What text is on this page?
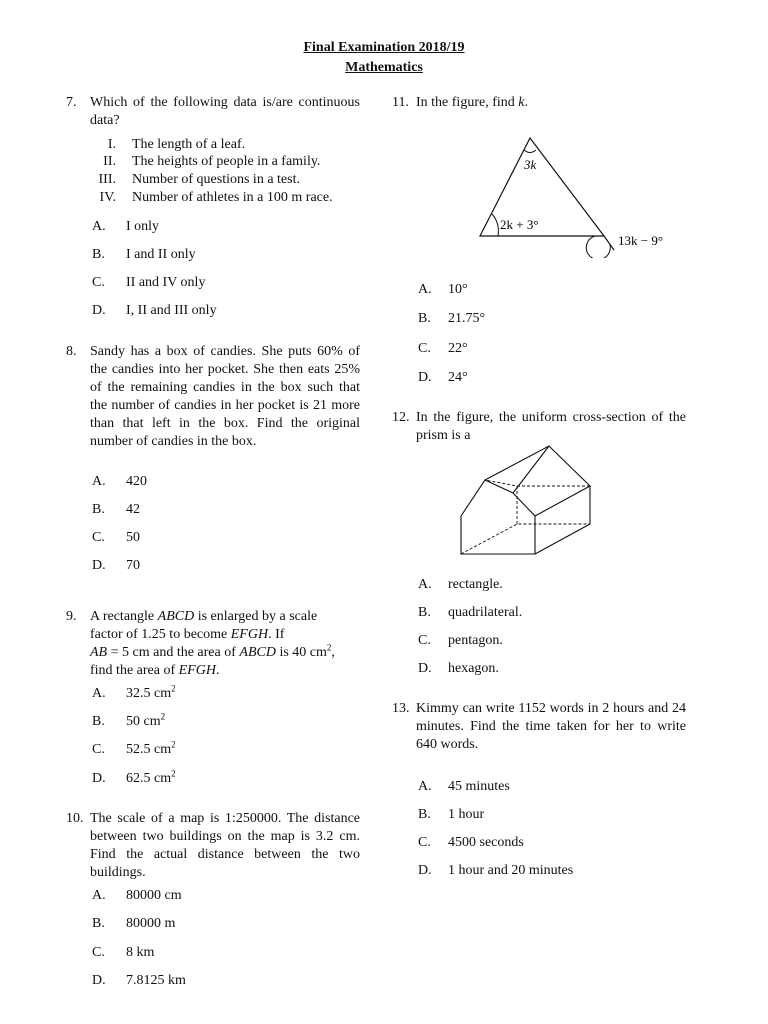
Final Examination 2018/19
Mathematics
7. Which of the following data is/are continuous data?
I. The length of a leaf.
II. The heights of people in a family.
III. Number of questions in a test.
IV. Number of athletes in a 100 m race.
A. I only
B. I and II only
C. II and IV only
D. I, II and III only
8. Sandy has a box of candies. She puts 60% of the candies into her pocket. She then eats 25% of the remaining candies in the box such that the number of candies in her pocket is 21 more than that left in the box. Find the original number of candies in the box.
A. 420
B. 42
C. 50
D. 70
9. A rectangle ABCD is enlarged by a scale
factor of 1.25 to become EFGH. If
AB = 5 cm and the area of ABCD is 40 $cm^2$,
find the area of EFGH.
A. 32.5 $cm^2$
B. 50 $cm^2$
C. 52.5 $cm^2$
D. 62.5 $cm^2$
10. The scale of a map is 1:250000. The distance between two buildings on the map is 3.2 cm. Find the actual distance between the two buildings.
A. 80000 cm
B. 80000 m
C. 8 km
D. 7.8125 km
11. In the figure, find k.
3k
2k + 3°
13k − 9°
A. 10°
B. 21.75°
C. 22°
D. 24°
12. In the figure, the uniform cross-section of the prism is a
A. rectangle.
B. quadrilateral.
C. pentagon.
D. hexagon.
13. Kimmy can write 1152 words in 2 hours and 24 minutes. Find the time taken for her to write 640 words.
A. 45 minutes
B. 1 hour
C. 4500 seconds
D. 1 hour and 20 minutes
